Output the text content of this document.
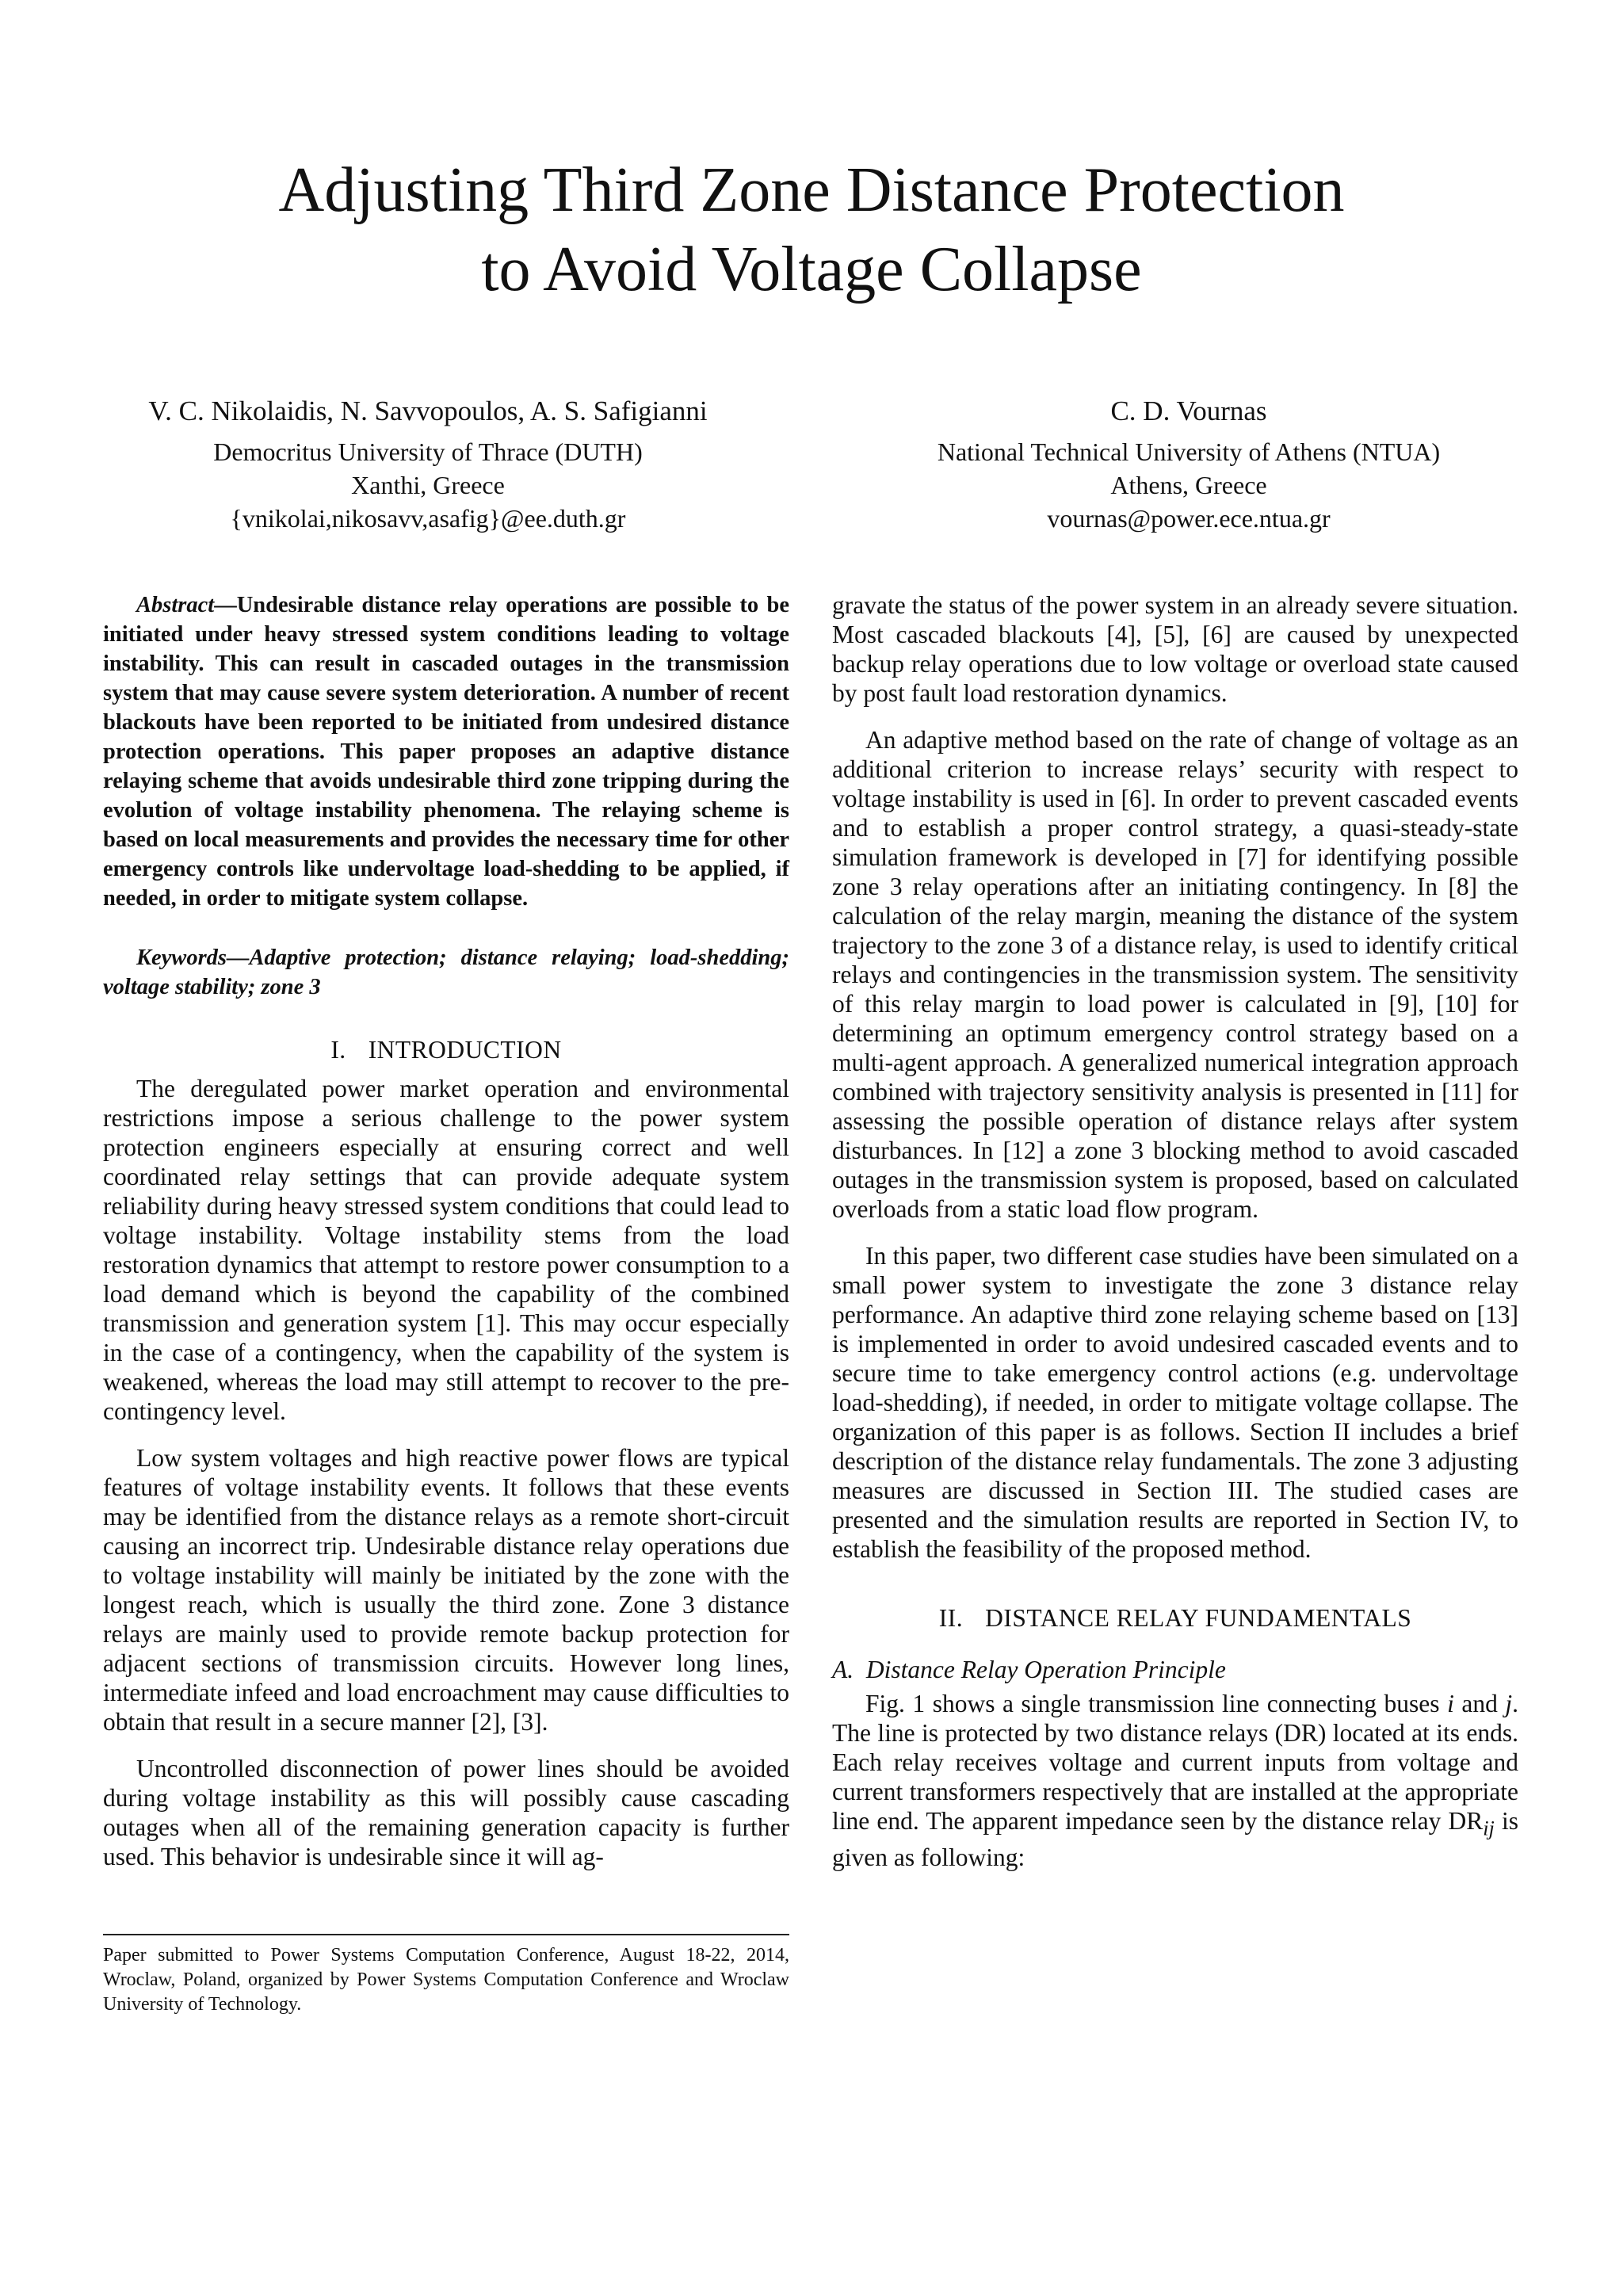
Adjusting Third Zone Distance Protection
to Avoid Voltage Collapse
V. C. Nikolaidis, N. Savvopoulos, A. S. Safigianni
Democritus University of Thrace (DUTH)
Xanthi, Greece
{vnikolai,nikosavv,asafig}@ee.duth.gr
C. D. Vournas
National Technical University of Athens (NTUA)
Athens, Greece
vournas@power.ece.ntua.gr

Abstract—Undesirable distance relay operations are possible to be initiated under heavy stressed system conditions leading to voltage instability. This can result in cascaded outages in the transmission system that may cause severe system deterioration. A number of recent blackouts have been reported to be initiated from undesired distance protection operations. This paper proposes an adaptive distance relaying scheme that avoids undesirable third zone tripping during the evolution of voltage instability phenomena. The relaying scheme is based on local measurements and provides the necessary time for other emergency controls like undervoltage load-shedding to be applied, if needed, in order to mitigate system collapse.

Keywords—Adaptive protection; distance relaying; load-shedding; voltage stability; zone 3

I. INTRODUCTION

The deregulated power market operation and environmental restrictions impose a serious challenge to the power system protection engineers especially at ensuring correct and well coordinated relay settings that can provide adequate system reliability during heavy stressed system conditions that could lead to voltage instability. Voltage instability stems from the load restoration dynamics that attempt to restore power consumption to a load demand which is beyond the capability of the combined transmission and generation system [1]. This may occur especially in the case of a contingency, when the capability of the system is weakened, whereas the load may still attempt to recover to the pre-contingency level.

Low system voltages and high reactive power flows are typical features of voltage instability events. It follows that these events may be identified from the distance relays as a remote short-circuit causing an incorrect trip. Undesirable distance relay operations due to voltage instability will mainly be initiated by the zone with the longest reach, which is usually the third zone. Zone 3 distance relays are mainly used to provide remote backup protection for adjacent sections of transmission circuits. However long lines, intermediate infeed and load encroachment may cause difficulties to obtain that result in a secure manner [2], [3].

Uncontrolled disconnection of power lines should be avoided during voltage instability as this will possibly cause cascading outages when all of the remaining generation capacity is further used. This behavior is undesirable since it will ag-

gravate the status of the power system in an already severe situation. Most cascaded blackouts [4], [5], [6] are caused by unexpected backup relay operations due to low voltage or overload state caused by post fault load restoration dynamics.

An adaptive method based on the rate of change of voltage as an additional criterion to increase relays’ security with respect to voltage instability is used in [6]. In order to prevent cascaded events and to establish a proper control strategy, a quasi-steady-state simulation framework is developed in [7] for identifying possible zone 3 relay operations after an initiating contingency. In [8] the calculation of the relay margin, meaning the distance of the system trajectory to the zone 3 of a distance relay, is used to identify critical relays and contingencies in the transmission system. The sensitivity of this relay margin to load power is calculated in [9], [10] for determining an optimum emergency control strategy based on a multi-agent approach. A generalized numerical integration approach combined with trajectory sensitivity analysis is presented in [11] for assessing the possible operation of distance relays after system disturbances. In [12] a zone 3 blocking method to avoid cascaded outages in the transmission system is proposed, based on calculated overloads from a static load flow program.

In this paper, two different case studies have been simulated on a small power system to investigate the zone 3 distance relay performance. An adaptive third zone relaying scheme based on [13] is implemented in order to avoid undesired cascaded events and to secure time to take emergency control actions (e.g. undervoltage load-shedding), if needed, in order to mitigate voltage collapse. The organization of this paper is as follows. Section II includes a brief description of the distance relay fundamentals. The zone 3 adjusting measures are discussed in Section III. The studied cases are presented and the simulation results are reported in Section IV, to establish the feasibility of the proposed method.

II. DISTANCE RELAY FUNDAMENTALS
A. Distance Relay Operation Principle

Fig. 1 shows a single transmission line connecting buses i and j. The line is protected by two distance relays (DR) located at its ends. Each relay receives voltage and current inputs from voltage and current transformers respectively that are installed at the appropriate line end. The apparent impedance seen by the distance relay $DR_{ij}$ is given as following:

Paper submitted to Power Systems Computation Conference, August 18-22, 2014, Wroclaw, Poland, organized by Power Systems Computation Conference and Wroclaw University of Technology.
